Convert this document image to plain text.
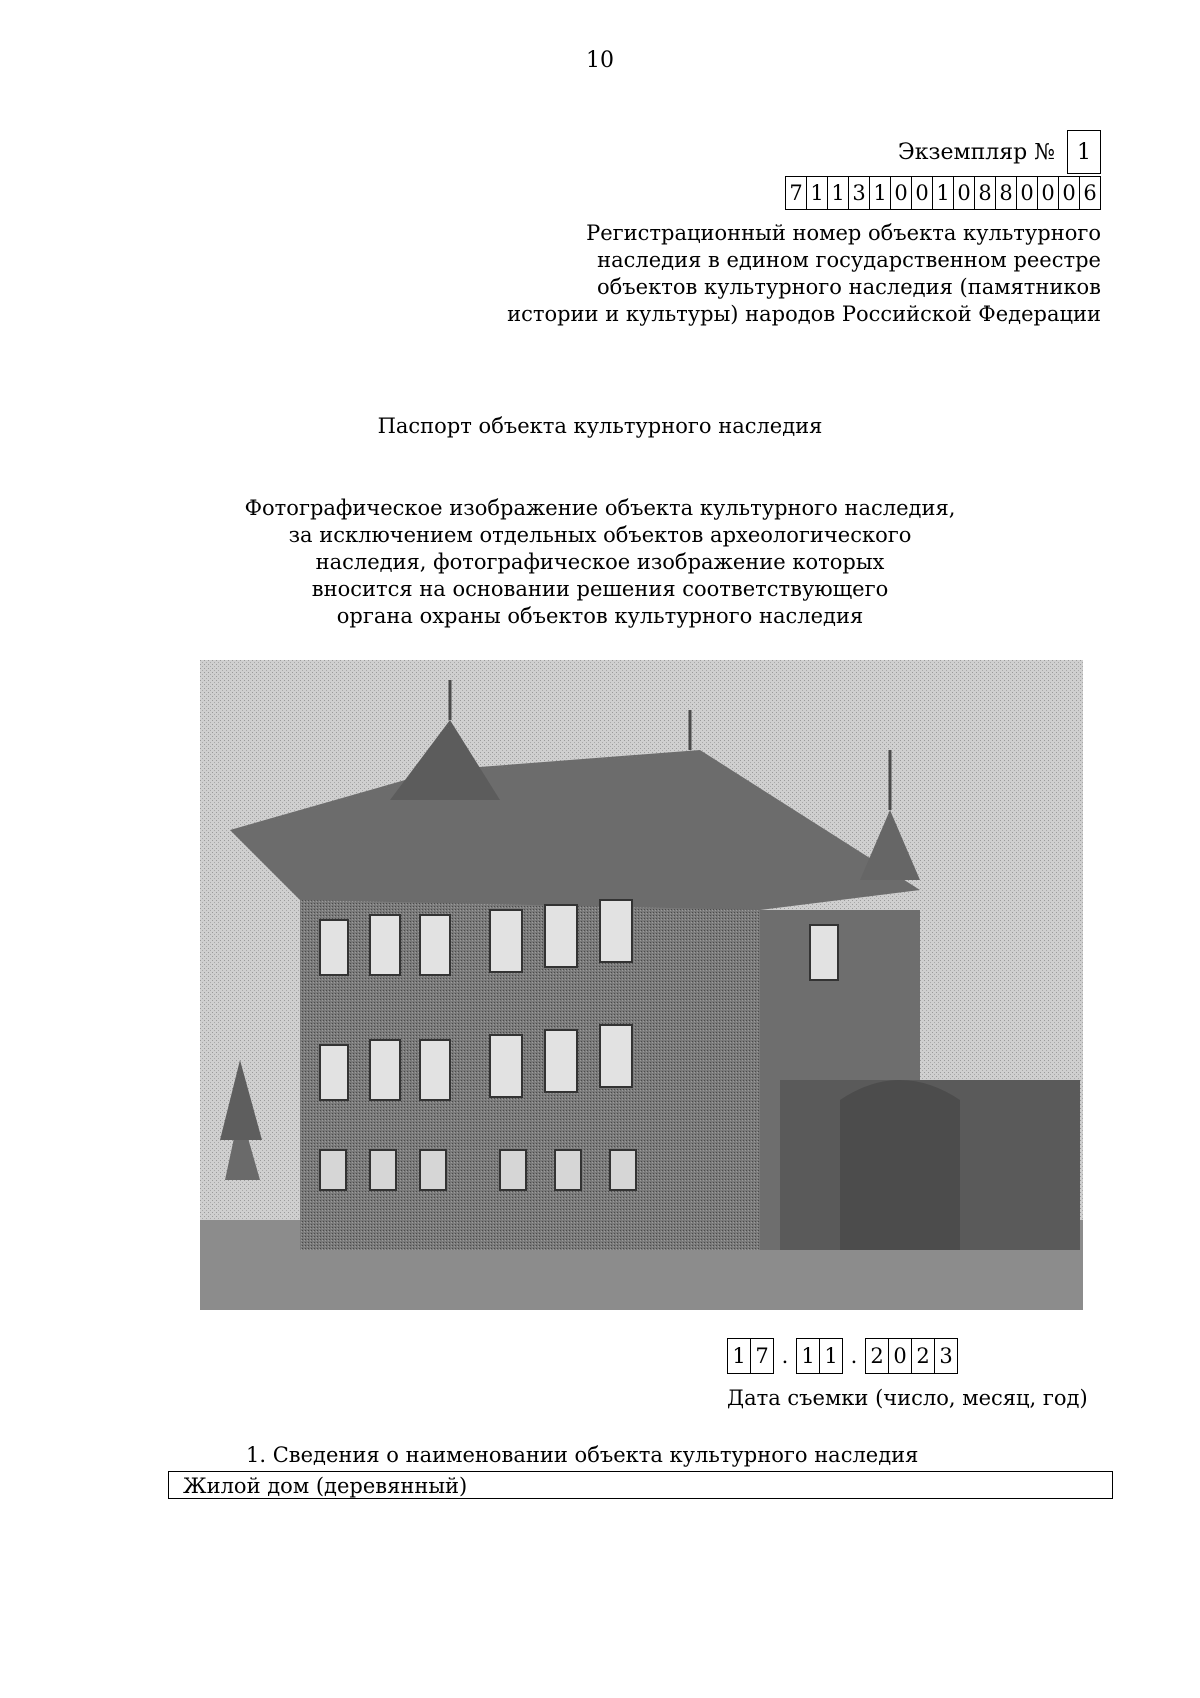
10
Экземпляр №	1
7 1 1 3 1 0 0 1 0 8 8 0 0 0 6
Регистрационный номер объекта культурного
наследия в едином государственном реестре
объектов культурного наследия (памятников
истории и культуры) народов Российской Федерации
Паспорт объекта культурного наследия
Фотографическое изображение объекта культурного наследия,
за исключением отдельных объектов археологического
наследия, фотографическое изображение которых
вносится на основании решения соответствующего
органа охраны объектов культурного наследия
1 7 . 1 1 . 2 0 2 3
Дата съемки (число, месяц, год)
1. Сведения о наименовании объекта культурного наследия
Жилой дом (деревянный)
